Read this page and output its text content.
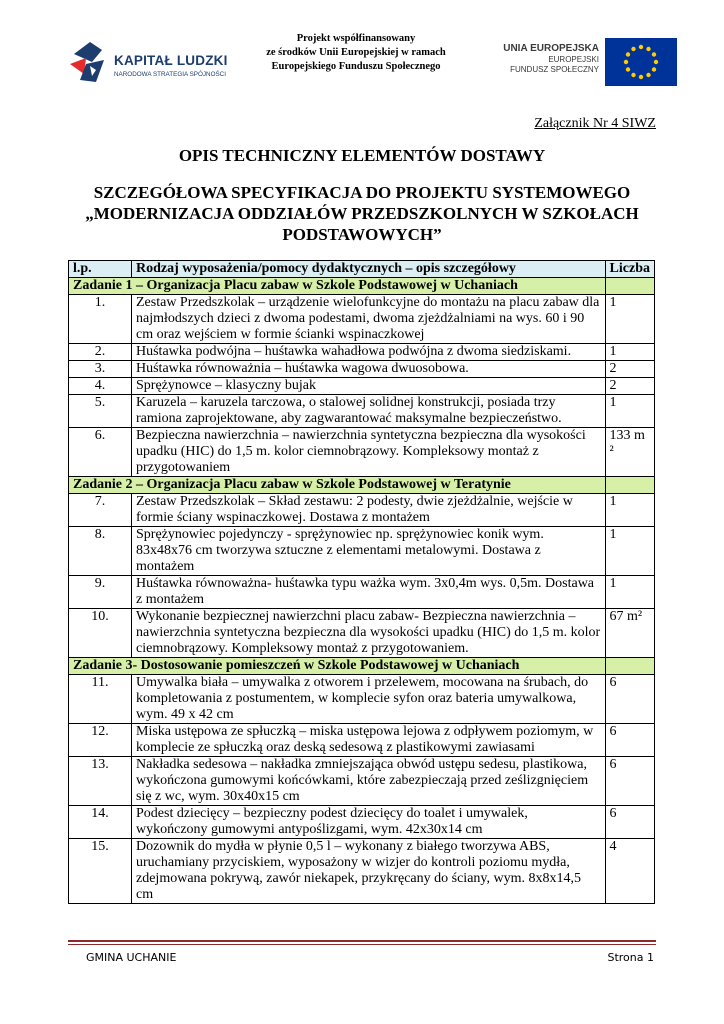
KAPITAŁ LUDZKI
NARODOWA STRATEGIA SPÓJNOŚCI
Projekt współfinansowany
ze środków Unii Europejskiej w ramach
Europejskiego Funduszu Społecznego
UNIA EUROPEJSKA
EUROPEJSKI
FUNDUSZ SPOŁECZNY
Załącznik Nr 4 SIWZ
OPIS TECHNICZNY ELEMENTÓW DOSTAWY
SZCZEGÓŁOWA SPECYFIKACJA DO PROJEKTU SYSTEMOWEGO „MODERNIZACJA ODDZIAŁÓW PRZEDSZKOLNYCH W SZKOŁACH PODSTAWOWYCH”
l.p.	Rodzaj wyposażenia/pomocy dydaktycznych – opis szczegółowy	Liczba
Zadanie 1 – Organizacja Placu zabaw w Szkole Podstawowej w Uchaniach		
1.	Zestaw Przedszkolak – urządzenie wielofunkcyjne do montażu na placu zabaw dla najmłodszych dzieci z dwoma podestami, dwoma zjeżdżalniami na wys. 60 i 90 cm oraz wejściem w formie ścianki wspinaczkowej	1
2.	Huśtawka podwójna – huśtawka wahadłowa podwójna z dwoma siedziskami.	1
3.	Huśtawka równoważnia – huśtawka wagowa dwuosobowa.	2
4.	Sprężynowce – klasyczny bujak	2
5.	Karuzela – karuzela tarczowa, o stalowej solidnej konstrukcji, posiada trzy ramiona zaprojektowane, aby zagwarantować maksymalne bezpieczeństwo.	1
6.	Bezpieczna nawierzchnia – nawierzchnia syntetyczna bezpieczna dla wysokości upadku (HIC) do 1,5 m. kolor ciemnobrązowy. Kompleksowy montaż z przygotowaniem	133 m ²
Zadanie 2 – Organizacja Placu zabaw w Szkole Podstawowej w Teratynie		
7.	Zestaw Przedszkolak – Skład zestawu: 2 podesty, dwie zjeżdżalnie, wejście w formie ściany wspinaczkowej. Dostawa z montażem	1
8.	Sprężynowiec pojedynczy - sprężynowiec np. sprężynowiec konik wym. 83x48x76 cm tworzywa sztuczne z elementami metalowymi. Dostawa z montażem	1
9.	Huśtawka równoważna- huśtawka typu ważka wym. 3x0,4m wys. 0,5m. Dostawa z montażem	1
10.	Wykonanie bezpiecznej nawierzchni placu zabaw- Bezpieczna nawierzchnia – nawierzchnia syntetyczna bezpieczna dla wysokości upadku (HIC) do 1,5 m. kolor ciemnobrązowy. Kompleksowy montaż z przygotowaniem.	67 m²
Zadanie 3- Dostosowanie pomieszczeń w Szkole Podstawowej w Uchaniach		
11.	Umywalka biała – umywalka z otworem i przelewem, mocowana na śrubach, do kompletowania z postumentem, w komplecie syfon oraz bateria umywalkowa, wym. 49 x 42 cm	6
12.	Miska ustępowa ze spłuczką – miska ustępowa lejowa z odpływem poziomym, w komplecie ze spłuczką oraz deską sedesową z plastikowymi zawiasami	6
13.	Nakładka sedesowa – nakładka zmniejszająca obwód ustępu sedesu, plastikowa, wykończona gumowymi końcówkami, które zabezpieczają przed ześlizgnięciem się z wc, wym. 30x40x15 cm	6
14.	Podest dziecięcy – bezpieczny podest dziecięcy do toalet i umywalek, wykończony gumowymi antypoślizgami, wym. 42x30x14 cm	6
15.	Dozownik do mydła w płynie 0,5 l – wykonany z białego tworzywa ABS, uruchamiany przyciskiem, wyposażony w wizjer do kontroli poziomu mydła, zdejmowana pokrywą, zawór niekapek, przykręcany do ściany, wym. 8x8x14,5 cm	4
GMINA UCHANIE	Strona 1
